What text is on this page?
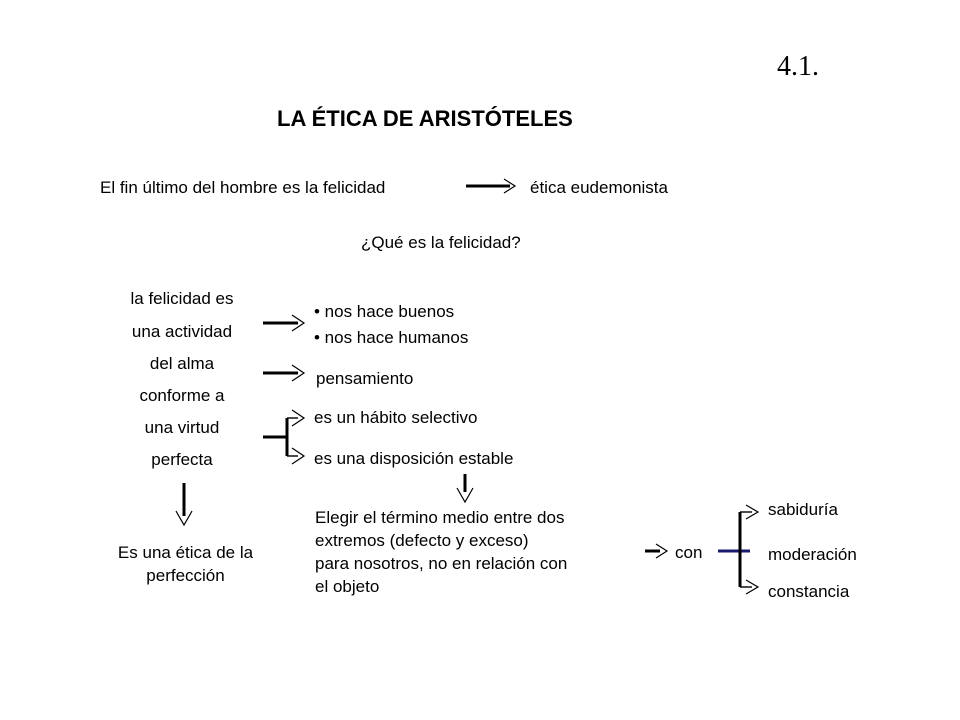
4.1.
LA ÉTICA DE ARISTÓTELES
El fin último del hombre es la felicidad	ética eudemonista
¿Qué es la felicidad?
la felicidad es
una actividad
del alma
conforme a
una virtud
perfecta
• nos hace buenos
• nos hace humanos
pensamiento
es un hábito selectivo
es una disposición estable
Es una ética de la perfección
Elegir el término medio entre dos
extremos (defecto y exceso)
para nosotros, no en relación con
el objeto
con
sabiduría
moderación
constancia
